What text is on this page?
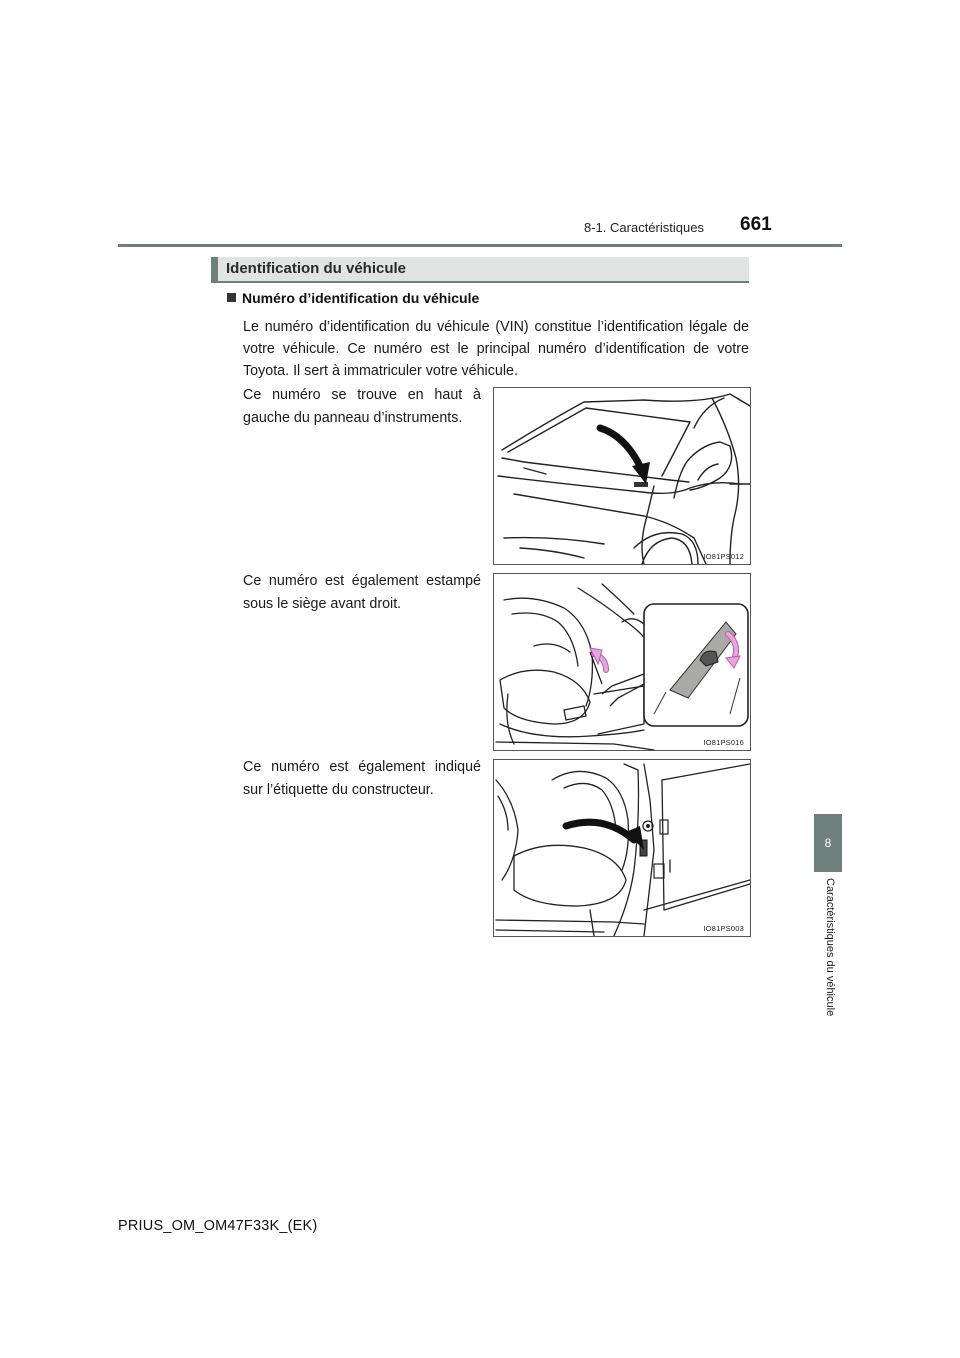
8-1. Caractéristiques 661
8
Caractéristiques du véhicule
Identification du véhicule
Numéro d’identification du véhicule
Le numéro d’identification du véhicule (VIN) constitue l’identification légale de votre véhicule. Ce numéro est le principal numéro d’identification de votre Toyota. Il sert à immatriculer votre véhicule.
Ce numéro se trouve en haut à gauche du panneau d’instruments.
IO81PS012
Ce numéro est également estampé sous le siège avant droit.
IO81PS016
Ce numéro est également indiqué sur l’étiquette du constructeur.
IO81PS003
PRIUS_OM_OM47F33K_(EK)
